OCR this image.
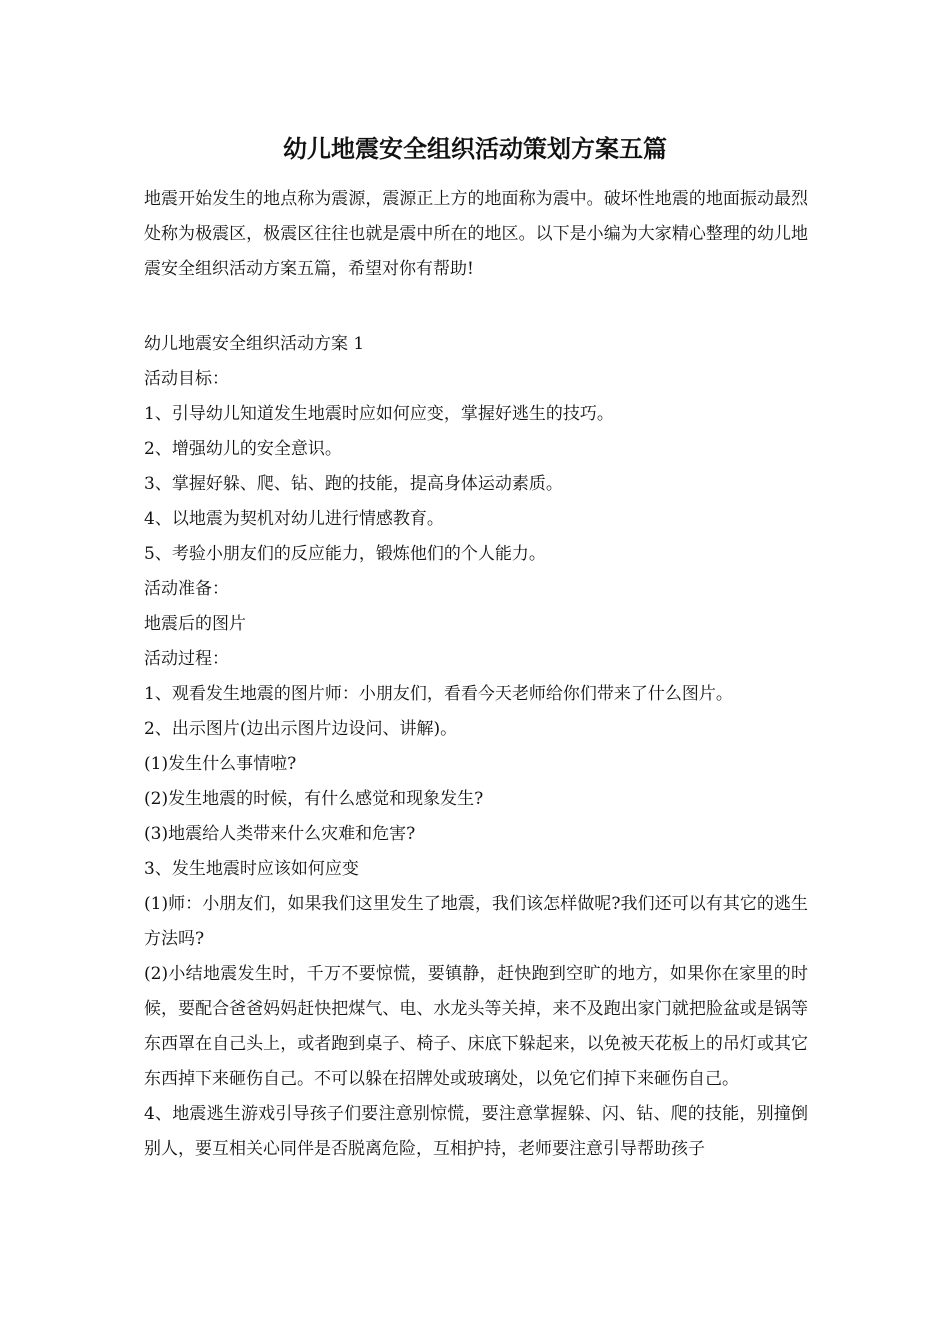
幼儿地震安全组织活动策划方案五篇

地震开始发生的地点称为震源，震源正上方的地面称为震中。破坏性地震的地面振动最烈处称为极震区，极震区往往也就是震中所在的地区。以下是小编为大家精心整理的幼儿地震安全组织活动方案五篇，希望对你有帮助!

幼儿地震安全组织活动方案 1

活动目标：

1、引导幼儿知道发生地震时应如何应变，掌握好逃生的技巧。

2、增强幼儿的安全意识。

3、掌握好躲、爬、钻、跑的技能，提高身体运动素质。

4、以地震为契机对幼儿进行情感教育。

5、考验小朋友们的反应能力，锻炼他们的个人能力。

活动准备：

地震后的图片

活动过程：

1、观看发生地震的图片师：小朋友们，看看今天老师给你们带来了什么图片。

2、出示图片(边出示图片边设问、讲解)。

(1)发生什么事情啦?

(2)发生地震的时候，有什么感觉和现象发生?

(3)地震给人类带来什么灾难和危害?

3、发生地震时应该如何应变

(1)师：小朋友们，如果我们这里发生了地震，我们该怎样做呢?我们还可以有其它的逃生方法吗?

(2)小结地震发生时，千万不要惊慌，要镇静，赶快跑到空旷的地方，如果你在家里的时候，要配合爸爸妈妈赶快把煤气、电、水龙头等关掉，来不及跑出家门就把脸盆或是锅等东西罩在自己头上，或者跑到桌子、椅子、床底下躲起来，以免被天花板上的吊灯或其它东西掉下来砸伤自己。不可以躲在招牌处或玻璃处，以免它们掉下来砸伤自己。

4、地震逃生游戏引导孩子们要注意别惊慌，要注意掌握躲、闪、钻、爬的技能，别撞倒别人，要互相关心同伴是否脱离危险，互相护持，老师要注意引导帮助孩子
